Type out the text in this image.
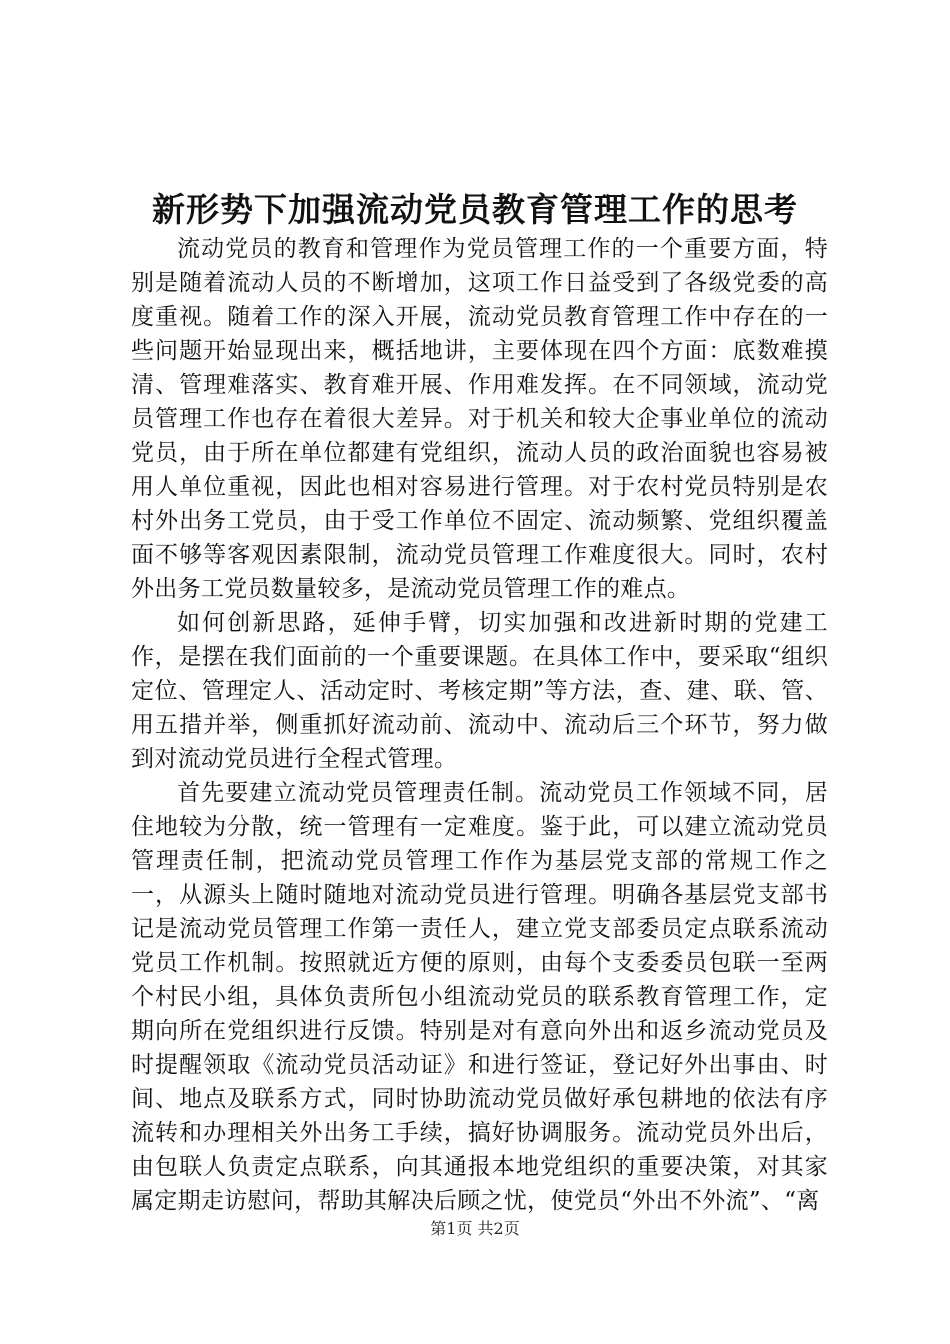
新形势下加强流动党员教育管理工作的思考

流动党员的教育和管理作为党员管理工作的一个重要方面，特别是随着流动人员的不断增加，这项工作日益受到了各级党委的高度重视。随着工作的深入开展，流动党员教育管理工作中存在的一些问题开始显现出来，概括地讲，主要体现在四个方面：底数难摸清、管理难落实、教育难开展、作用难发挥。在不同领域，流动党员管理工作也存在着很大差异。对于机关和较大企事业单位的流动党员，由于所在单位都建有党组织，流动人员的政治面貌也容易被用人单位重视，因此也相对容易进行管理。对于农村党员特别是农村外出务工党员，由于受工作单位不固定、流动频繁、党组织覆盖面不够等客观因素限制，流动党员管理工作难度很大。同时，农村外出务工党员数量较多，是流动党员管理工作的难点。

如何创新思路，延伸手臂，切实加强和改进新时期的党建工作，是摆在我们面前的一个重要课题。在具体工作中，要采取“组织定位、管理定人、活动定时、考核定期”等方法，查、建、联、管、用五措并举，侧重抓好流动前、流动中、流动后三个环节，努力做到对流动党员进行全程式管理。

首先要建立流动党员管理责任制。流动党员工作领域不同，居住地较为分散，统一管理有一定难度。鉴于此，可以建立流动党员管理责任制，把流动党员管理工作作为基层党支部的常规工作之一，从源头上随时随地对流动党员进行管理。明确各基层党支部书记是流动党员管理工作第一责任人，建立党支部委员定点联系流动党员工作机制。按照就近方便的原则，由每个支委委员包联一至两个村民小组，具体负责所包小组流动党员的联系教育管理工作，定期向所在党组织进行反馈。特别是对有意向外出和返乡流动党员及时提醒领取《流动党员活动证》和进行签证，登记好外出事由、时间、地点及联系方式，同时协助流动党员做好承包耕地的依法有序流转和办理相关外出务工手续，搞好协调服务。流动党员外出后，由包联人负责定点联系，向其通报本地党组织的重要决策，对其家属定期走访慰问，帮助其解决后顾之忧，使党员“外出不外流”、“离

第1页 共2页
